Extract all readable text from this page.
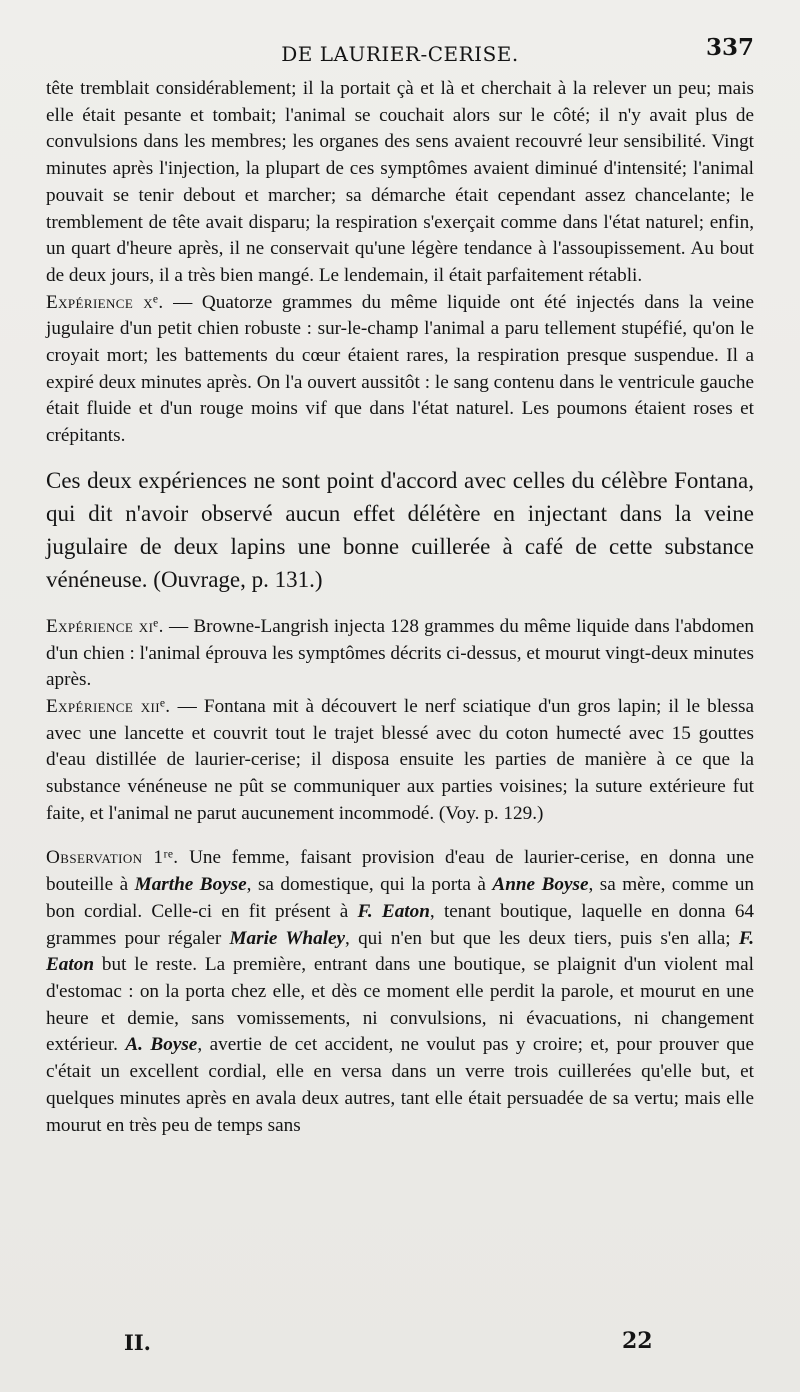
DE LAURIER-CERISE.	337

tête tremblait considérablement; il la portait çà et là et cherchait à la relever un peu; mais elle était pesante et tombait; l'animal se couchait alors sur le côté; il n'y avait plus de convulsions dans les membres; les organes des sens avaient recouvré leur sensibilité. Vingt minutes après l'injection, la plupart de ces symptômes avaient diminué d'intensité; l'animal pouvait se tenir debout et marcher; sa démarche était cependant assez chancelante; le tremblement de tête avait disparu; la respiration s'exerçait comme dans l'état naturel; enfin, un quart d'heure après, il ne conservait qu'une légère tendance à l'assoupissement. Au bout de deux jours, il a très bien mangé. Le lendemain, il était parfaitement rétabli.

Expérience xᵉ. — Quatorze grammes du même liquide ont été injectés dans la veine jugulaire d'un petit chien robuste : sur-le-champ l'animal a paru tellement stupéfié, qu'on le croyait mort; les battements du cœur étaient rares, la respiration presque suspendue. Il a expiré deux minutes après. On l'a ouvert aussitôt : le sang contenu dans le ventricule gauche était fluide et d'un rouge moins vif que dans l'état naturel. Les poumons étaient roses et crépitants.

Ces deux expériences ne sont point d'accord avec celles du célèbre Fontana, qui dit n'avoir observé aucun effet délétère en injectant dans la veine jugulaire de deux lapins une bonne cuillerée à café de cette substance vénéneuse. (Ouvrage, p. 131.)

Expérience xiᵉ. — Browne-Langrish injecta 128 grammes du même liquide dans l'abdomen d'un chien : l'animal éprouva les symptômes décrits ci-dessus, et mourut vingt-deux minutes après.

Expérience xiiᵉ. — Fontana mit à découvert le nerf sciatique d'un gros lapin; il le blessa avec une lancette et couvrit tout le trajet blessé avec du coton humecté avec 15 gouttes d'eau distillée de laurier-cerise; il disposa ensuite les parties de manière à ce que la substance vénéneuse ne pût se communiquer aux parties voisines; la suture extérieure fut faite, et l'animal ne parut aucunement incommodé. (Voy. p. 129.)

Observation 1ʳᵉ. Une femme, faisant provision d'eau de laurier-cerise, en donna une bouteille à Marthe Boyse, sa domestique, qui la porta à Anne Boyse, sa mère, comme un bon cordial. Celle-ci en fit présent à F. Eaton, tenant boutique, laquelle en donna 64 grammes pour régaler Marie Whaley, qui n'en but que les deux tiers, puis s'en alla; F. Eaton but le reste. La première, entrant dans une boutique, se plaignit d'un violent mal d'estomac : on la porta chez elle, et dès ce moment elle perdit la parole, et mourut en une heure et demie, sans vomissements, ni convulsions, ni évacuations, ni changement extérieur. A. Boyse, avertie de cet accident, ne voulut pas y croire; et, pour prouver que c'était un excellent cordial, elle en versa dans un verre trois cuillerées qu'elle but, et quelques minutes après en avala deux autres, tant elle était persuadée de sa vertu; mais elle mourut en très peu de temps sans

II.	22
